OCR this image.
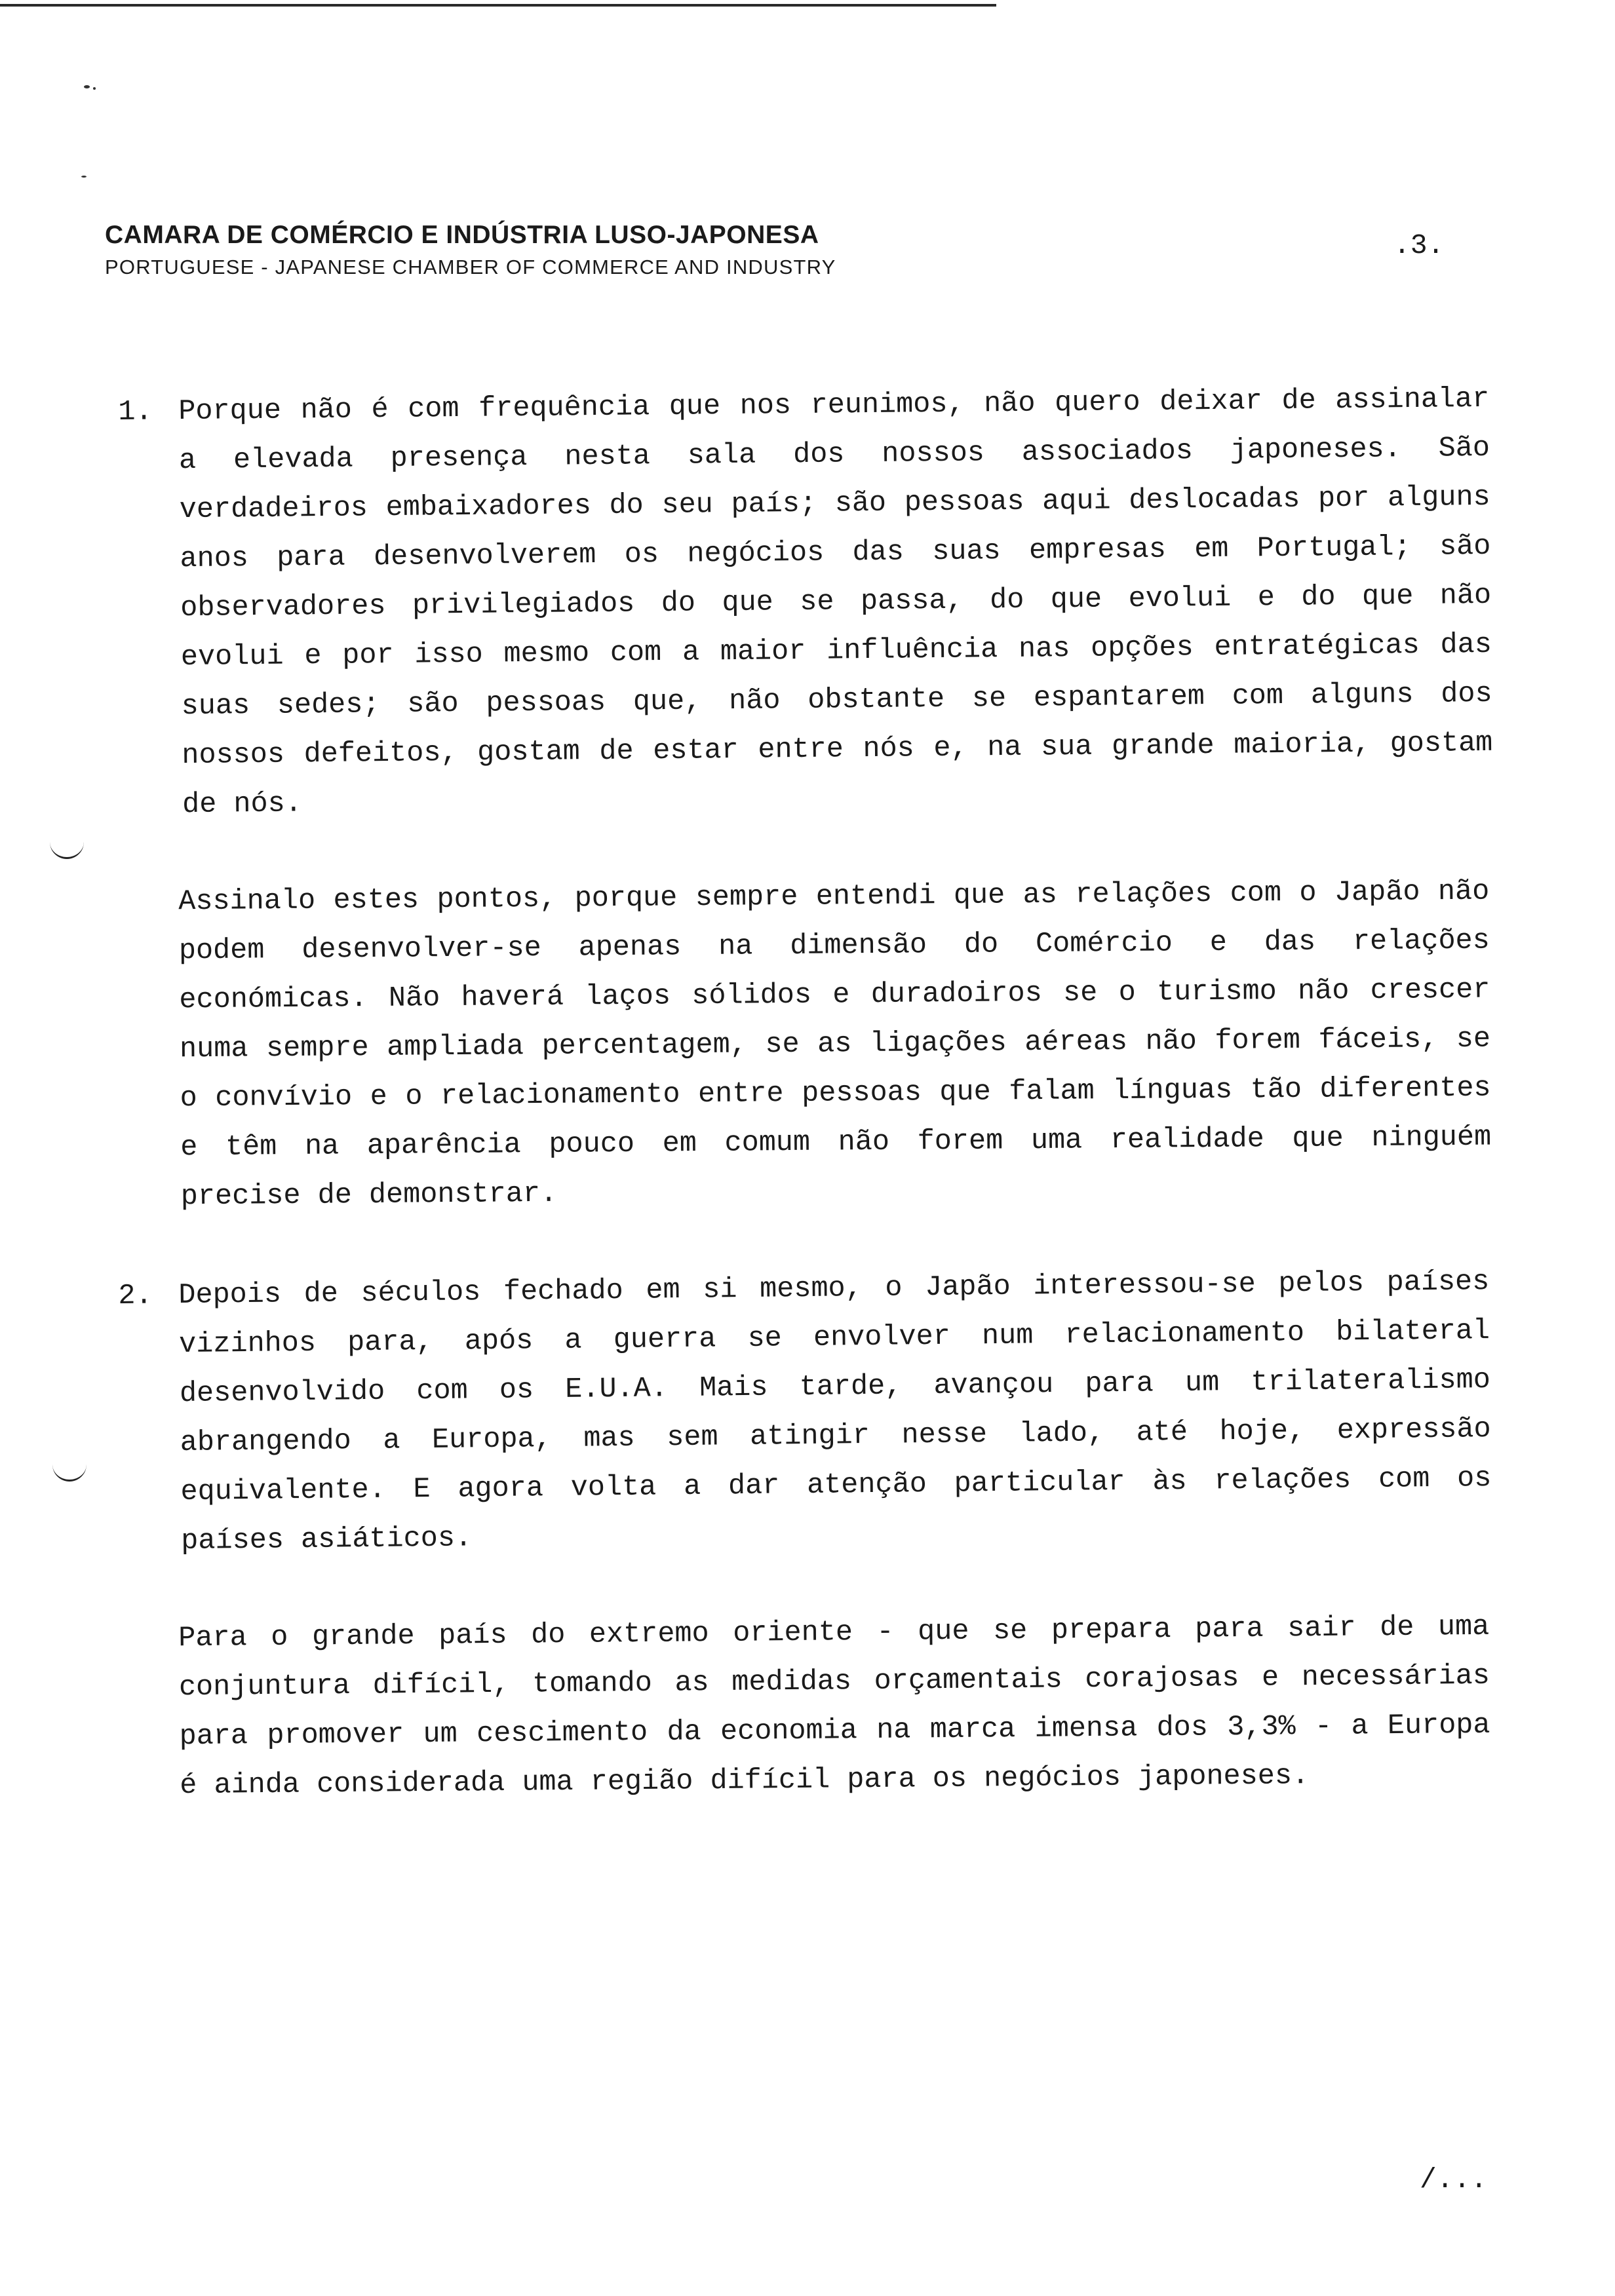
CAMARA DE COMÉRCIO E INDÚSTRIA LUSO-JAPONESA
PORTUGUESE - JAPANESE CHAMBER OF COMMERCE AND INDUSTRY
.3.
1. Porque não é com frequência que nos reunimos, não quero deixar de assinalar a elevada presença nesta sala dos nossos associados japoneses. São verdadeiros embaixadores do seu país; são pessoas aqui deslocadas por alguns anos para desenvolverem os negócios das suas empresas em Portugal; são observadores privilegiados do que se passa, do que evolui e do que não evolui e por isso mesmo com a maior influência nas opções entratégicas das suas sedes; são pessoas que, não obstante se espantarem com alguns dos nossos defeitos, gostam de estar entre nós e, na sua grande maioria, gostam de nós.
Assinalo estes pontos, porque sempre entendi que as relações com o Japão não podem desenvolver-se apenas na dimensão do Comércio e das relações económicas. Não haverá laços sólidos e duradoiros se o turismo não crescer numa sempre ampliada percentagem, se as ligações aéreas não forem fáceis, se o convívio e o relacionamento entre pessoas que falam línguas tão diferentes e têm na aparência pouco em comum não forem uma realidade que ninguém precise de demonstrar.
2. Depois de séculos fechado em si mesmo, o Japão interessou-se pelos países vizinhos para, após a guerra se envolver num relacionamento bilateral desenvolvido com os E.U.A. Mais tarde, avançou para um trilateralismo abrangendo a Europa, mas sem atingir nesse lado, até hoje, expressão equivalente. E agora volta a dar atenção particular às relações com os países asiáticos.
Para o grande país do extremo oriente - que se prepara para sair de uma conjuntura difícil, tomando as medidas orçamentais corajosas e necessárias para promover um cescimento da economia na marca imensa dos 3,3% - a Europa é ainda considerada uma região difícil para os negócios japoneses.
/...
